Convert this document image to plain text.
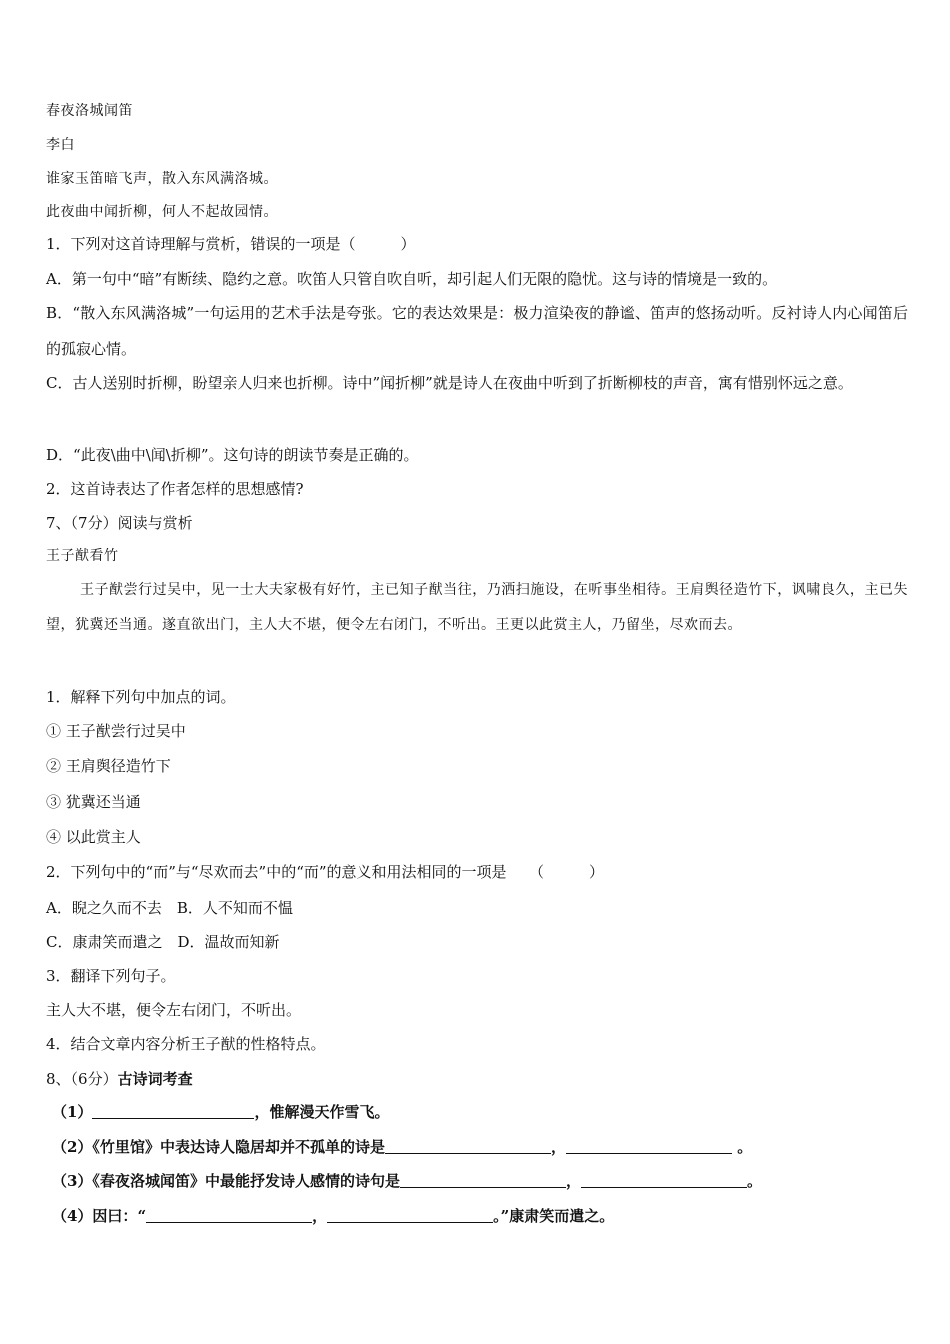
春夜洛城闻笛
李白
谁家玉笛暗飞声，散入东风满洛城。
此夜曲中闻折柳，何人不起故园情。
1．下列对这首诗理解与赏析，错误的一项是（　　　）
A．第一句中“暗”有断续、隐约之意。吹笛人只管自吹自听，却引起人们无限的隐忧。这与诗的情境是一致的。
B．“散入东风满洛城”一句运用的艺术手法是夸张。它的表达效果是：极力渲染夜的静谧、笛声的悠扬动听。反衬诗人内心闻笛后的孤寂心情。
C．古人送别时折柳，盼望亲人归来也折柳。诗中”闻折柳”就是诗人在夜曲中听到了折断柳枝的声音，寓有惜别怀远之意。
D．“此夜\曲中\闻\折柳”。这句诗的朗读节奏是正确的。
2．这首诗表达了作者怎样的思想感情?
7、（7分）阅读与赏析
王子猷看竹
王子猷尝行过吴中，见一士大夫家极有好竹，主已知子猷当往，乃洒扫施设，在听事坐相待。王肩舆径造竹下，讽啸良久，主已失望，犹冀还当通。遂直欲出门，主人大不堪，便令左右闭门，不听出。王更以此赏主人，乃留坐，尽欢而去。
1．解释下列句中加点的词。
① 王子猷尝行过吴中
② 王肩舆径造竹下
③ 犹冀还当通
④ 以此赏主人
2．下列句中的“而”与“尽欢而去”中的“而”的意义和用法相同的一项是　　（　　　）
A．睨之久而不去　B．人不知而不愠
C．康肃笑而遣之　D．温故而知新
3．翻译下列句子。
主人大不堪，便令左右闭门，不听出。
4．结合文章内容分析王子猷的性格特点。
8、（6分）古诗词考查
（1）	，惟解漫天作雪飞。
（2）《竹里馆》中表达诗人隐居却并不孤单的诗是	，	。
（3）《春夜洛城闻笛》中最能抒发诗人感情的诗句是	，	。
（4）因曰：“	，	。”康肃笑而遣之。
